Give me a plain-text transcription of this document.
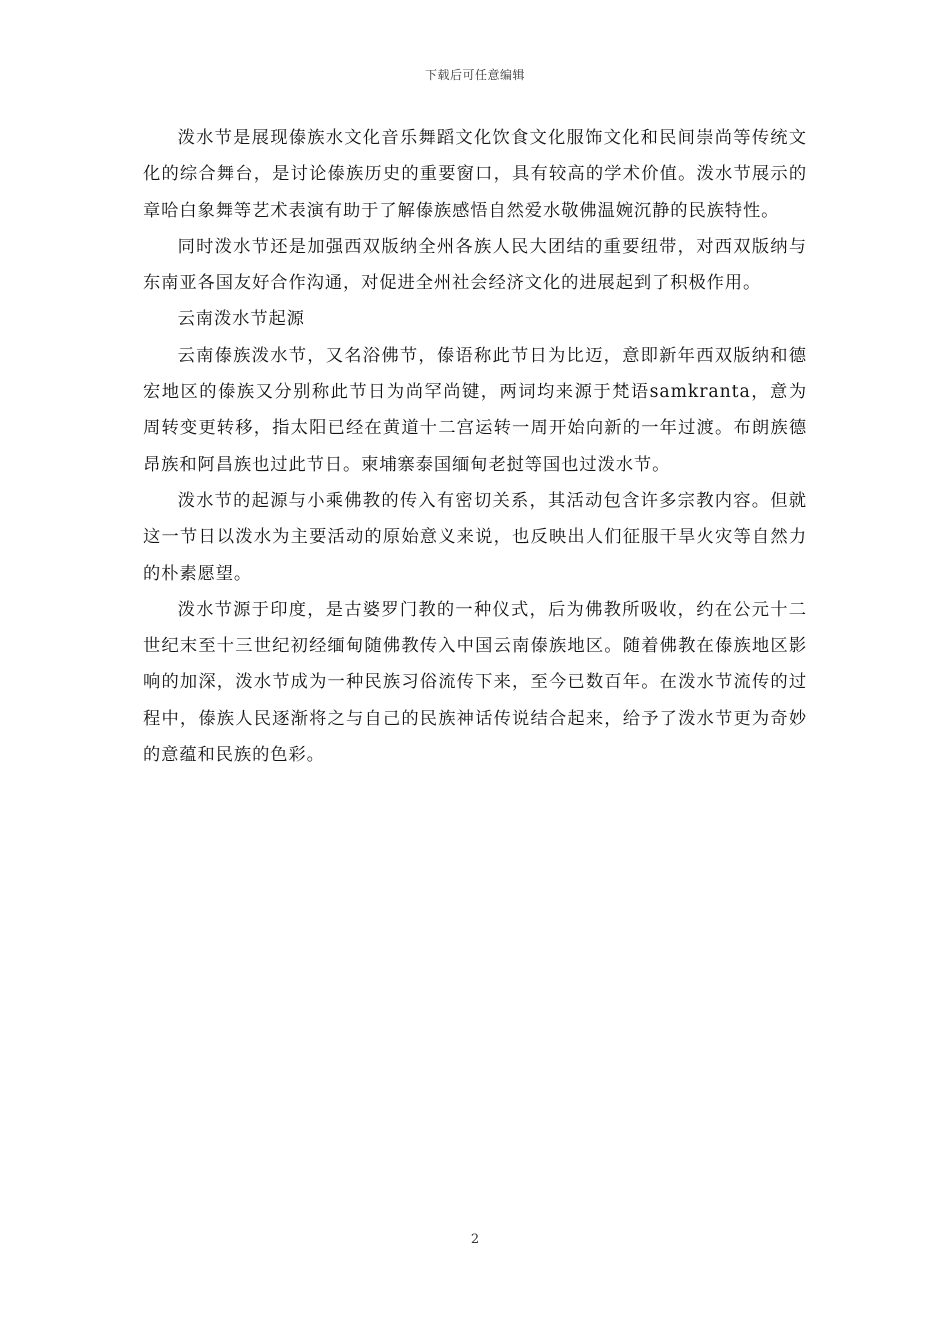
下载后可任意编辑

泼水节是展现傣族水文化音乐舞蹈文化饮食文化服饰文化和民间崇尚等传统文化的综合舞台，是讨论傣族历史的重要窗口，具有较高的学术价值。泼水节展示的章哈白象舞等艺术表演有助于了解傣族感悟自然爱水敬佛温婉沉静的民族特性。

同时泼水节还是加强西双版纳全州各族人民大团结的重要纽带，对西双版纳与东南亚各国友好合作沟通，对促进全州社会经济文化的进展起到了积极作用。

云南泼水节起源

云南傣族泼水节，又名浴佛节，傣语称此节日为比迈，意即新年西双版纳和德宏地区的傣族又分别称此节日为尚罕尚键，两词均来源于梵语samkranta，意为周转变更转移，指太阳已经在黄道十二宫运转一周开始向新的一年过渡。布朗族德昂族和阿昌族也过此节日。柬埔寨泰国缅甸老挝等国也过泼水节。

泼水节的起源与小乘佛教的传入有密切关系，其活动包含许多宗教内容。但就这一节日以泼水为主要活动的原始意义来说，也反映出人们征服干旱火灾等自然力的朴素愿望。

泼水节源于印度，是古婆罗门教的一种仪式，后为佛教所吸收，约在公元十二世纪末至十三世纪初经缅甸随佛教传入中国云南傣族地区。随着佛教在傣族地区影响的加深，泼水节成为一种民族习俗流传下来，至今已数百年。在泼水节流传的过程中，傣族人民逐渐将之与自己的民族神话传说结合起来，给予了泼水节更为奇妙的意蕴和民族的色彩。

2
